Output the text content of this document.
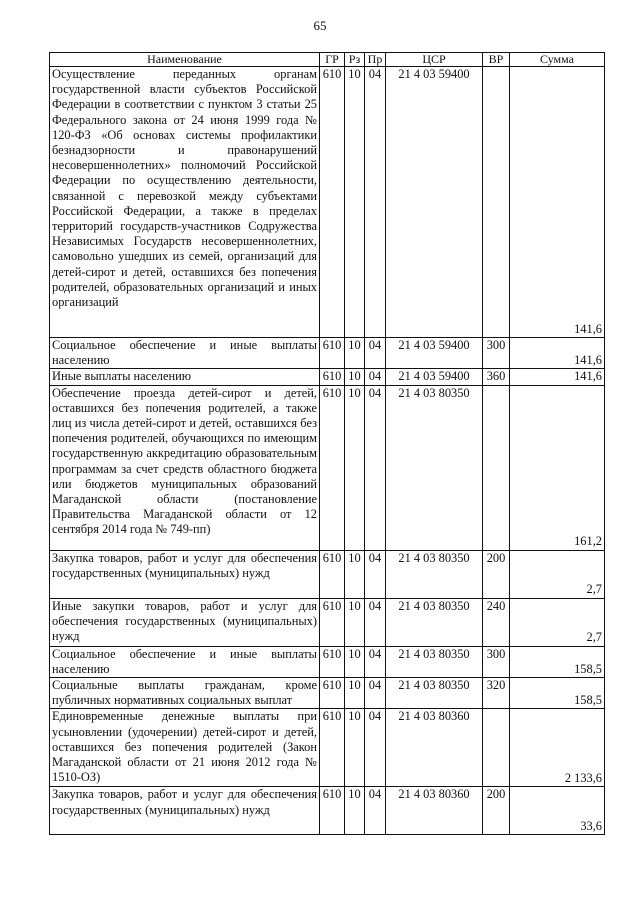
65
Наименование	ГР	Рз	Пр	ЦСР	ВР	Сумма
Осуществление переданных органам государственной власти субъектов Российской Федерации в соответствии с пунктом 3 статьи 25 Федерального закона от 24 июня 1999 года № 120-ФЗ «Об основах системы профилактики безнадзорности и правонарушений несовершеннолетних» полномочий Российской Федерации по осуществлению деятельности, связанной с перевозкой между субъектами Российской Федерации, а также в пределах территорий государств-участников Содружества Независимых Государств несовершеннолетних, самовольно ушедших из семей, организаций для детей-сирот и детей, оставшихся без попечения родителей, образовательных организаций и иных организаций	610	10	04	21 4 03 59400		141,6
Социальное обеспечение и иные выплаты населению	610	10	04	21 4 03 59400	300	141,6
Иные выплаты населению	610	10	04	21 4 03 59400	360	141,6
Обеспечение проезда детей-сирот и детей, оставшихся без попечения родителей, а также лиц из числа детей-сирот и детей, оставшихся без попечения родителей, обучающихся по имеющим государственную аккредитацию образовательным программам за счет средств областного бюджета или бюджетов муниципальных образований Магаданской области (постановление Правительства Магаданской области от 12 сентября 2014 года № 749-пп)	610	10	04	21 4 03 80350		161,2
Закупка товаров, работ и услуг для обеспечения государственных (муниципальных) нужд	610	10	04	21 4 03 80350	200	2,7
Иные закупки товаров, работ и услуг для обеспечения государственных (муниципальных) нужд	610	10	04	21 4 03 80350	240	2,7
Социальное обеспечение и иные выплаты населению	610	10	04	21 4 03 80350	300	158,5
Социальные выплаты гражданам, кроме публичных нормативных социальных выплат	610	10	04	21 4 03 80350	320	158,5
Единовременные денежные выплаты при усыновлении (удочерении) детей-сирот и детей, оставшихся без попечения родителей (Закон Магаданской области от 21 июня 2012 года № 1510-ОЗ)	610	10	04	21 4 03 80360		2 133,6
Закупка товаров, работ и услуг для обеспечения государственных (муниципальных) нужд	610	10	04	21 4 03 80360	200	33,6
